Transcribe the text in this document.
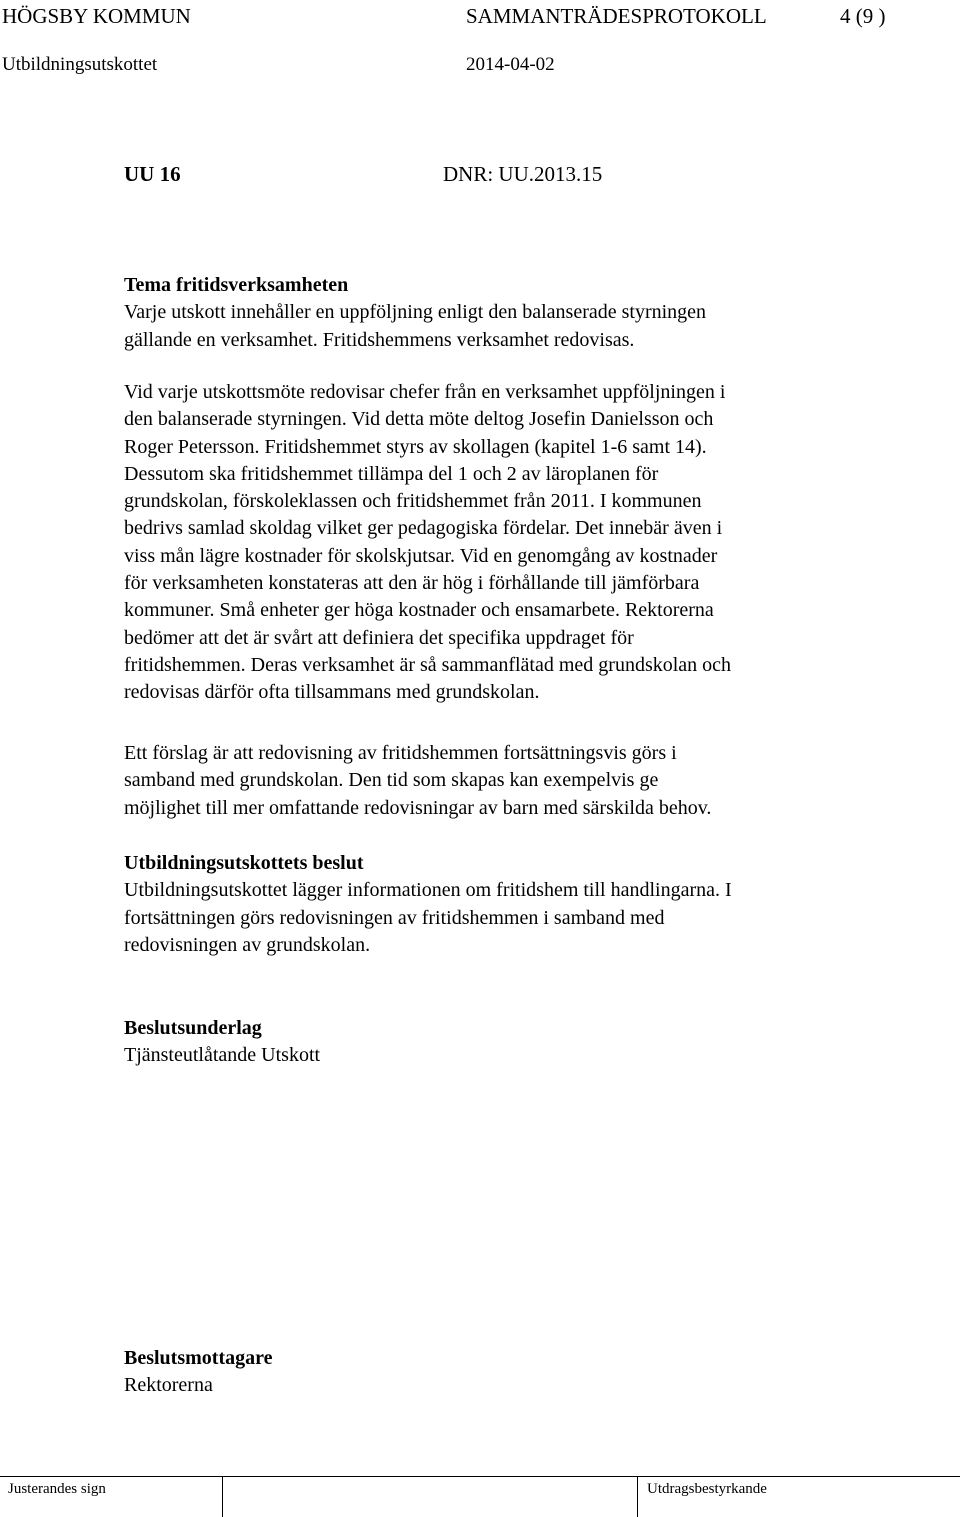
HÖGSBY KOMMUN	SAMMANTRÄDESPROTOKOLL	4 (9 )
Utbildningsutskottet	2014-04-02
UU 16	DNR: UU.2013.15
Tema fritidsverksamheten
Varje utskott innehåller en uppföljning enligt den balanserade styrningen
gällande en verksamhet. Fritidshemmens verksamhet redovisas.
Vid varje utskottsmöte redovisar chefer från en verksamhet uppföljningen i
den balanserade styrningen. Vid detta möte deltog Josefin Danielsson och
Roger Petersson. Fritidshemmet styrs av skollagen (kapitel 1-6 samt 14).
Dessutom ska fritidshemmet tillämpa del 1 och 2 av läroplanen för
grundskolan, förskoleklassen och fritidshemmet från 2011. I kommunen
bedrivs samlad skoldag vilket ger pedagogiska fördelar. Det innebär även i
viss mån lägre kostnader för skolskjutsar. Vid en genomgång av kostnader
för verksamheten konstateras att den är hög i förhållande till jämförbara
kommuner. Små enheter ger höga kostnader och ensamarbete. Rektorerna
bedömer att det är svårt att definiera det specifika uppdraget för
fritidshemmen. Deras verksamhet är så sammanflätad med grundskolan och
redovisas därför ofta tillsammans med grundskolan.
Ett förslag är att redovisning av fritidshemmen fortsättningsvis görs i
samband med grundskolan. Den tid som skapas kan exempelvis ge
möjlighet till mer omfattande redovisningar av barn med särskilda behov.
Utbildningsutskottets beslut
Utbildningsutskottet lägger informationen om fritidshem till handlingarna. I
fortsättningen görs redovisningen av fritidshemmen i samband med
redovisningen av grundskolan.
Beslutsunderlag
Tjänsteutlåtande Utskott
Beslutsmottagare
Rektorerna
Justerandes sign	Utdragsbestyrkande
